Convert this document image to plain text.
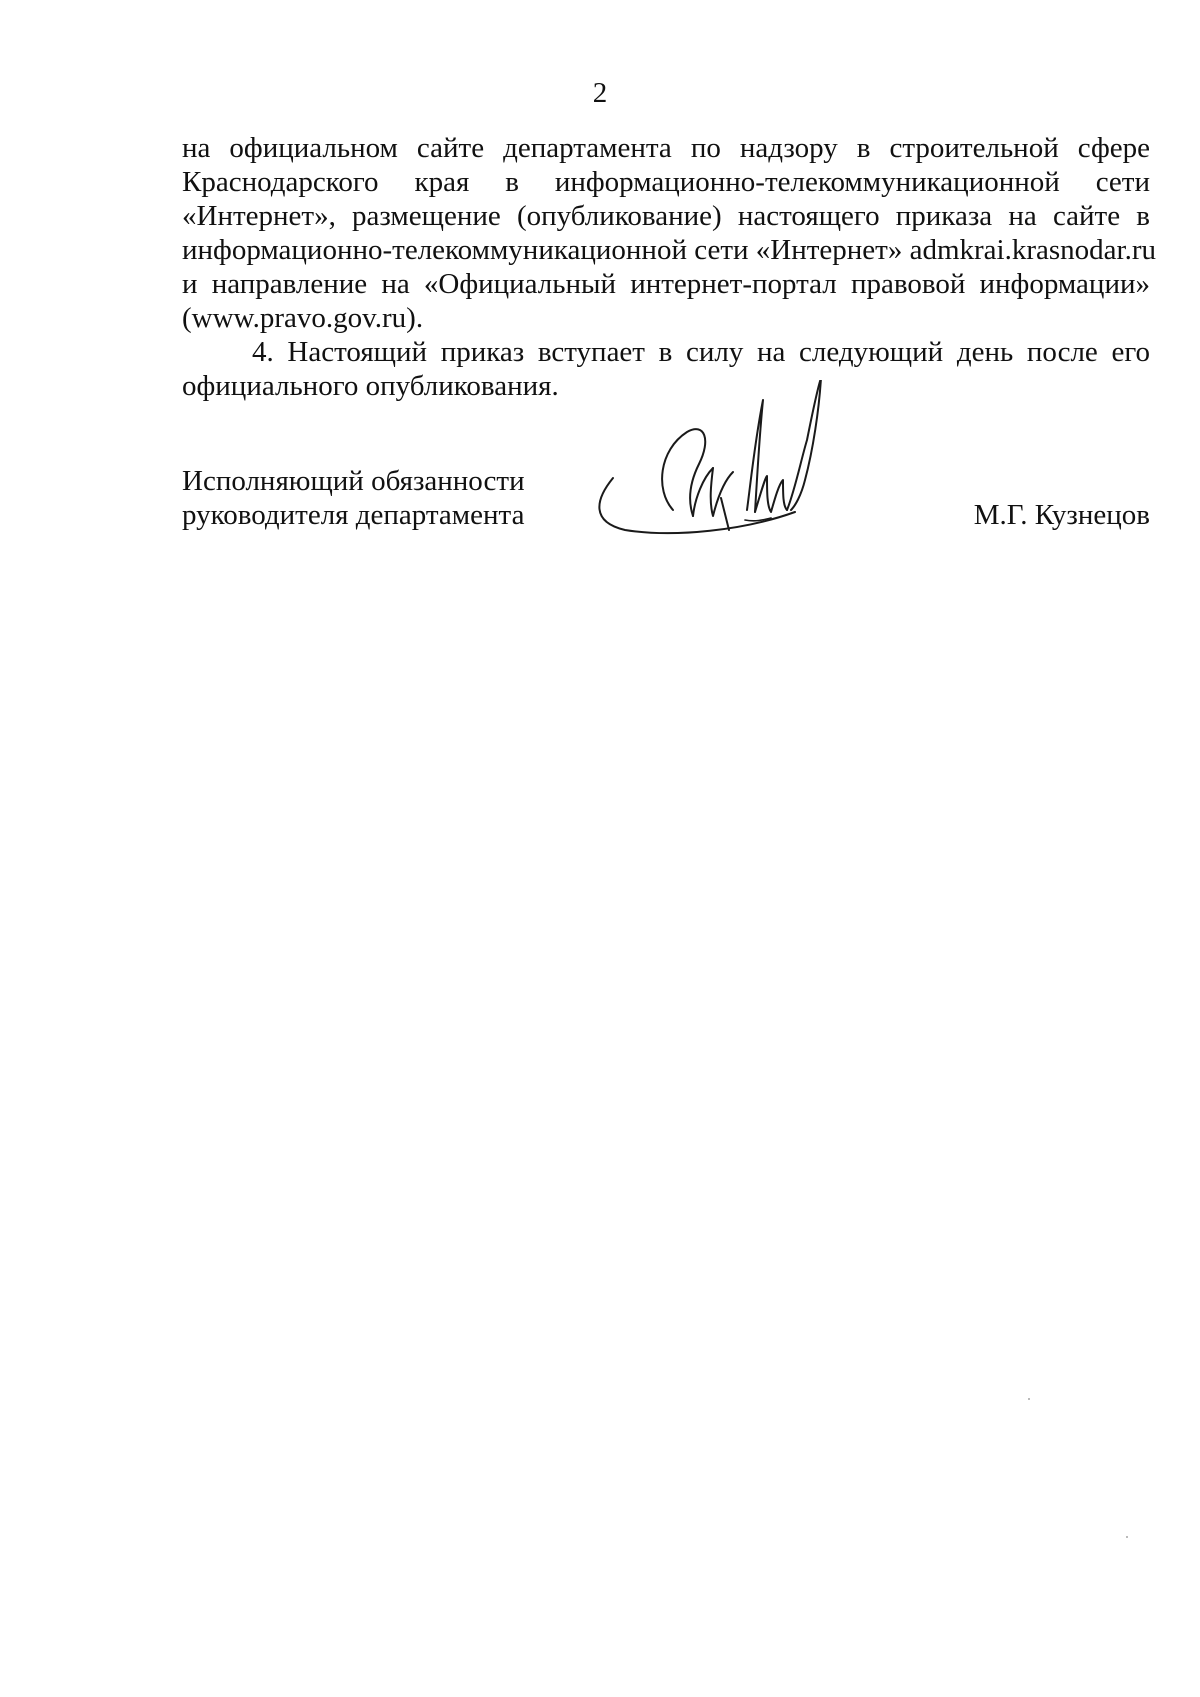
2
на официальном сайте департамента по надзору в строительной сфере
Краснодарского края в информационно-телекоммуникационной сети
«Интернет», размещение (опубликование) настоящего приказа на сайте в
информационно-телекоммуникационной сети «Интернет» admkrai.krasnodar.ru
и направление на «Официальный интернет-портал правовой информации»
(www.pravo.gov.ru).
4. Настоящий приказ вступает в силу на следующий день после его
официального опубликования.
Исполняющий обязанности
руководителя департамента	М.Г. Кузнецов
